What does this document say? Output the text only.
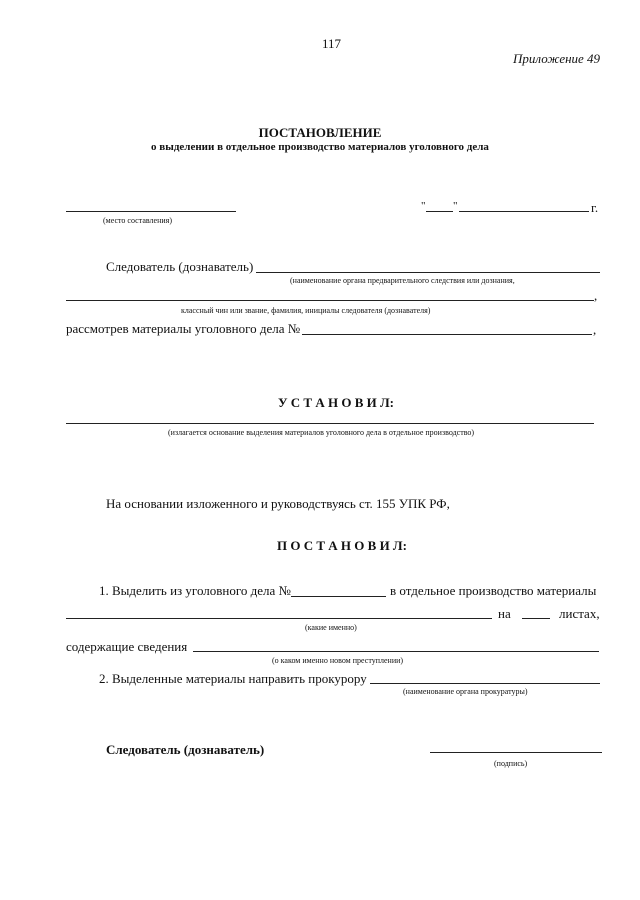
117
Приложение 49
ПОСТАНОВЛЕНИЕ
о выделении в отдельное производство материалов уголовного дела
(место составления)
"	"	г.
Следователь (дознаватель)
(наименование органа предварительного следствия или дознания,
,
классный чин или звание, фамилия, инициалы следователя (дознавателя)
рассмотрев материалы уголовного дела №	,
У С Т А Н О В И Л:
(излагается основание выделения материалов уголовного дела в отдельное производство)
На основании изложенного и руководствуясь ст. 155 УПК РФ,
П О С Т А Н О В И Л:
1. Выделить из уголовного дела №	в отдельное производство материалы
на	листах,
(какие именно)
содержащие сведения
(о каком именно новом преступлении)
2. Выделенные материалы направить прокурору
(наименование органа прокуратуры)
Следователь (дознаватель)
(подпись)
